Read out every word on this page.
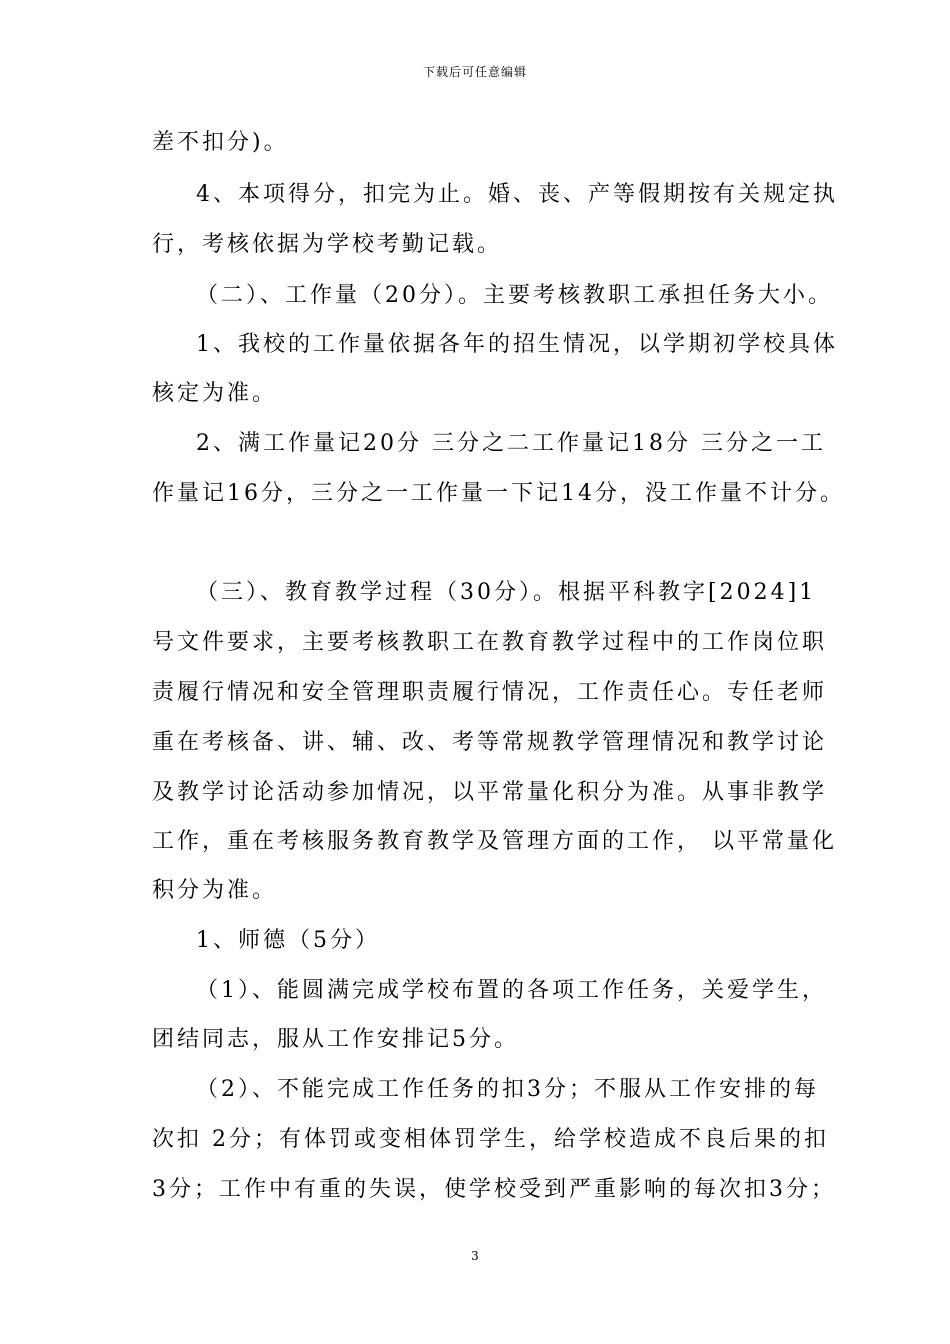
下载后可任意编辑
差不扣分)。
4、本项得分，扣完为止。婚、丧、产等假期按有关规定执
行，考核依据为学校考勤记载。
（二）、工作量（20分）。主要考核教职工承担任务大小。
1、我校的工作量依据各年的招生情况，以学期初学校具体
核定为准。
2、满工作量记20分 三分之二工作量记18分 三分之一工
作量记16分，三分之一工作量一下记14分，没工作量不计分。
（三）、教育教学过程（30分）。根据平科教字[2024]1
号文件要求，主要考核教职工在教育教学过程中的工作岗位职
责履行情况和安全管理职责履行情况，工作责任心。专任老师
重在考核备、讲、辅、改、考等常规教学管理情况和教学讨论
及教学讨论活动参加情况，以平常量化积分为准。从事非教学
工作，重在考核服务教育教学及管理方面的工作， 以平常量化
积分为准。
1、师德（5分）
（1）、能圆满完成学校布置的各项工作任务，关爱学生，
团结同志，服从工作安排记5分。
（2）、不能完成工作任务的扣3分；不服从工作安排的每
次扣 2分；有体罚或变相体罚学生，给学校造成不良后果的扣
3分；工作中有重的失误，使学校受到严重影响的每次扣3分；
3
